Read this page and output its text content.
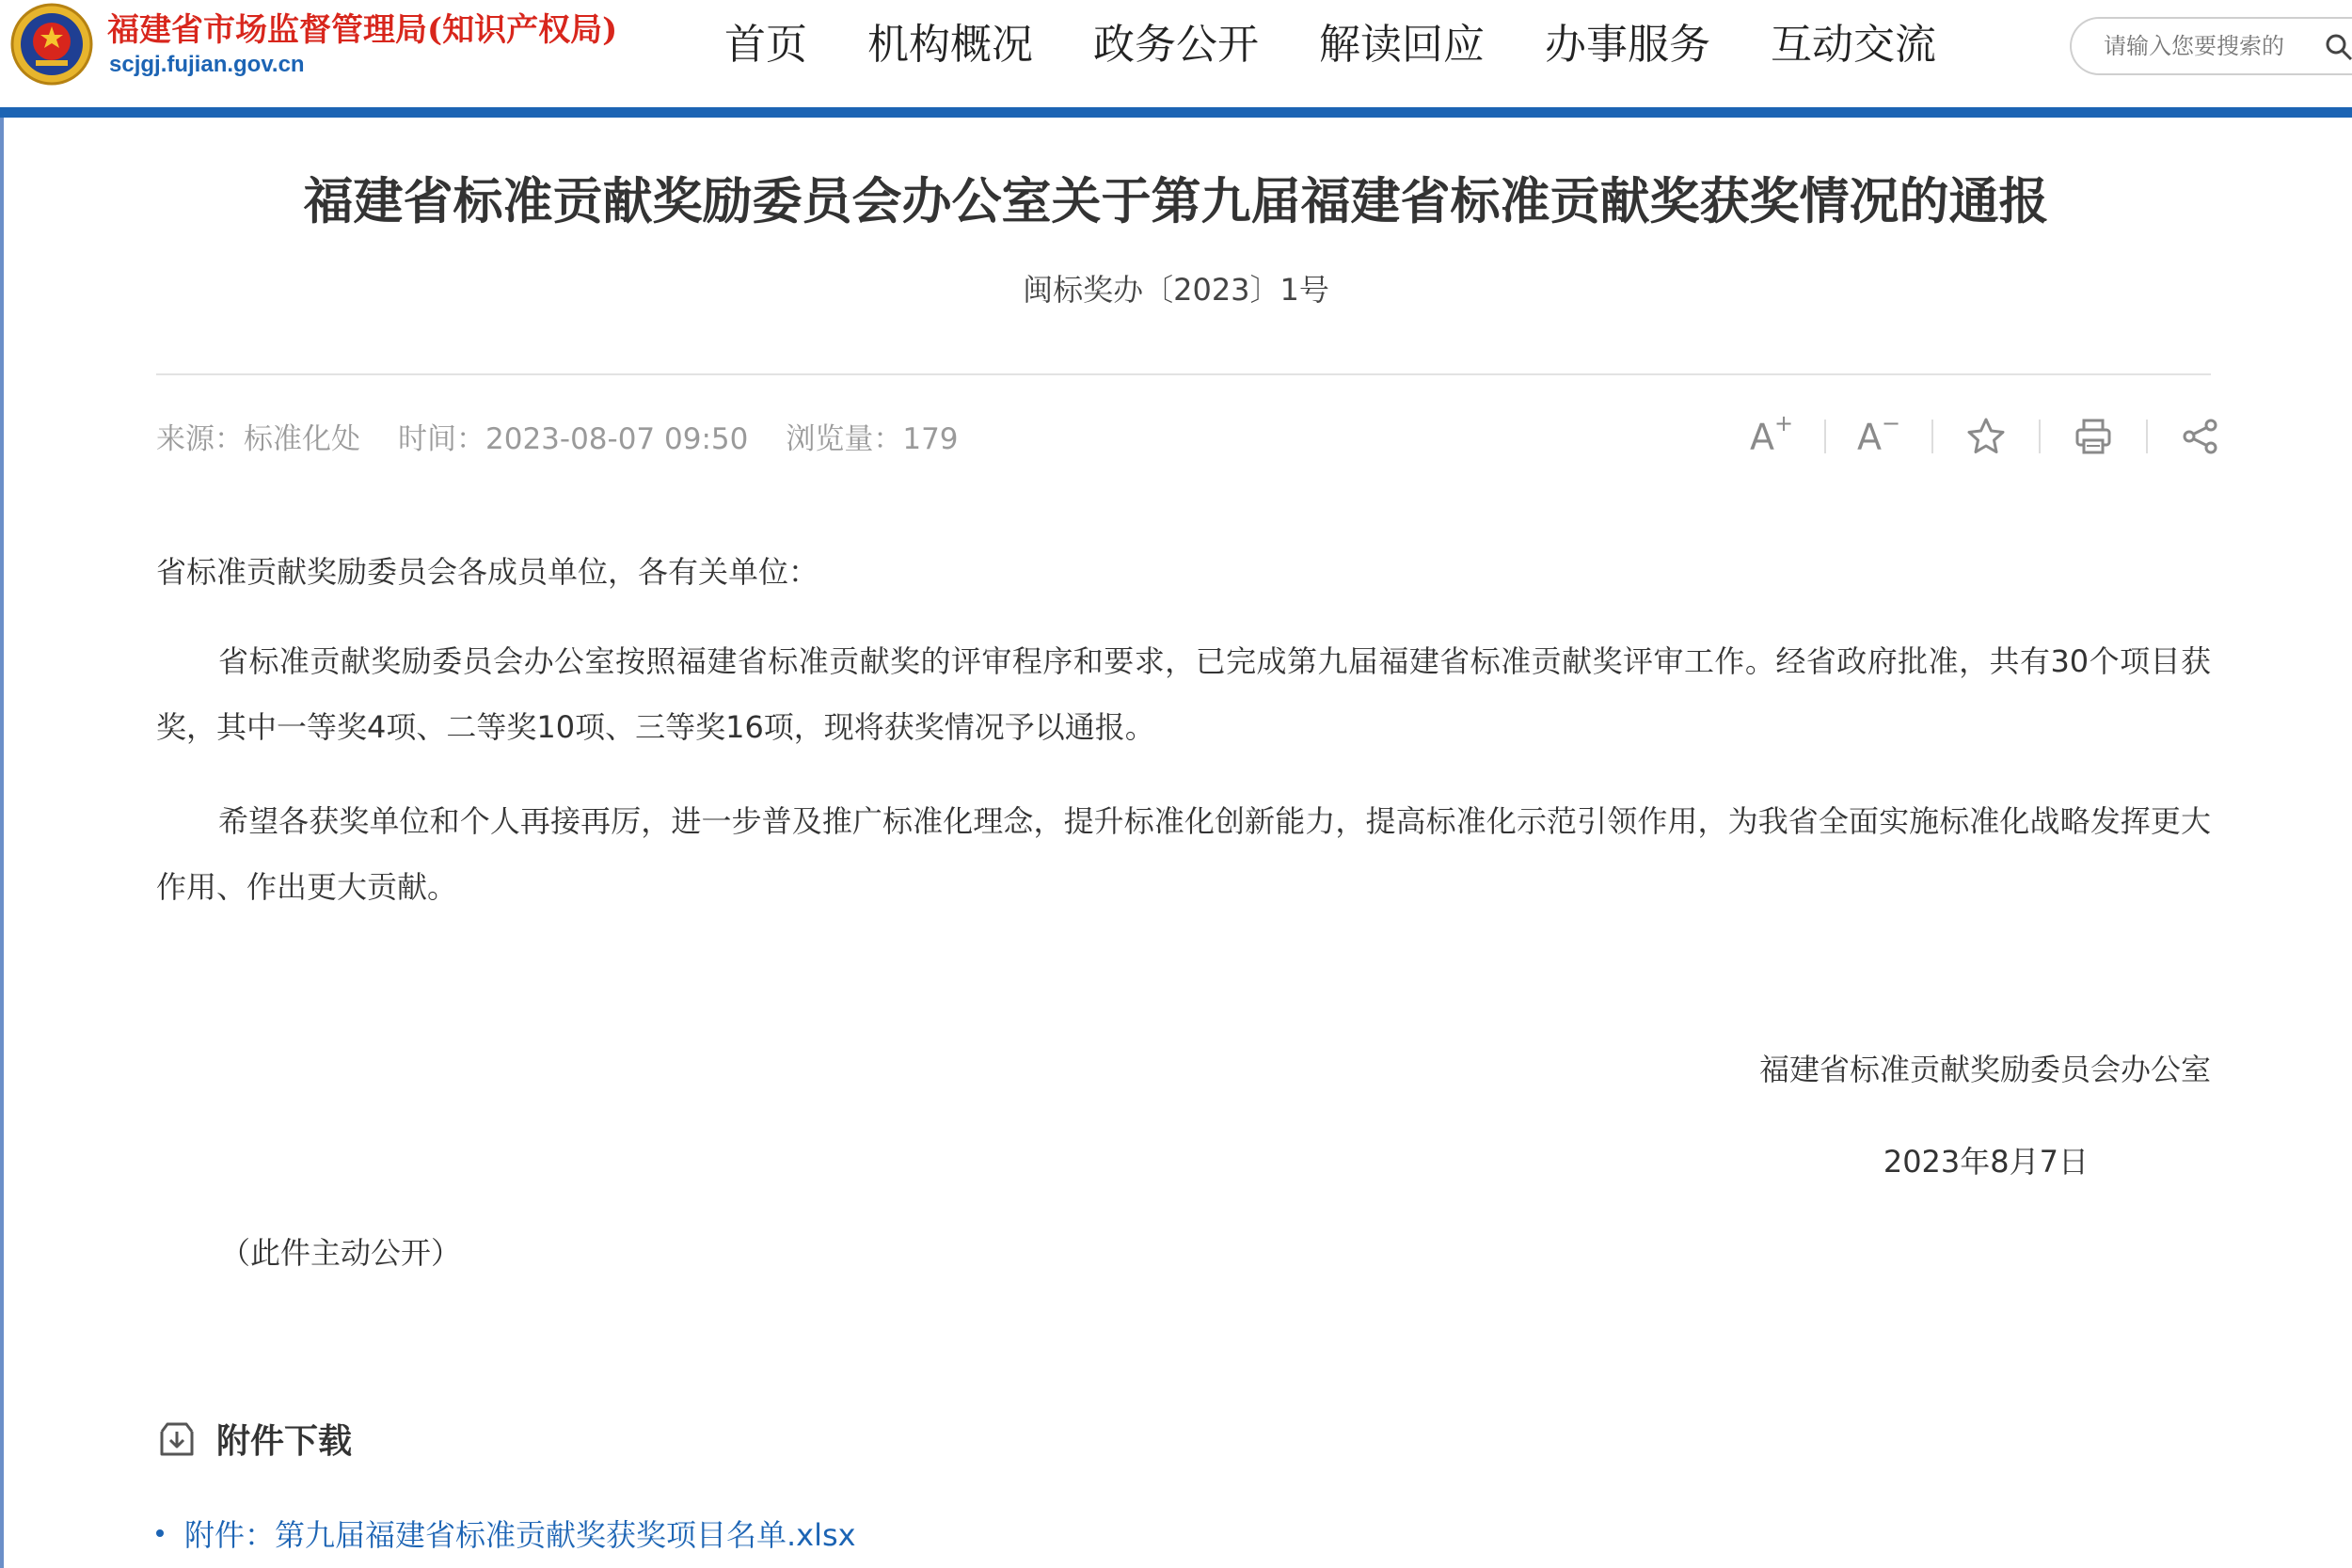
福建省市场监督管理局(知识产权局)
scjgj.fujian.gov.cn	首页 机构概况 政务公开 解读回应 办事服务 互动交流
请输入您要搜索的
福建省标准贡献奖励委员会办公室关于第九届福建省标准贡献奖获奖情况的通报
闽标奖办〔2023〕1号
来源：标准化处 时间：2023-08-07 09:50 浏览量：179	A+ A−
省标准贡献奖励委员会各成员单位，各有关单位：
省标准贡献奖励委员会办公室按照福建省标准贡献奖的评审程序和要求，已完成第九届福建省标准贡献奖评审工作。经省政府批准，共有30个项目获奖，其中一等奖4项、二等奖10项、三等奖16项，现将获奖情况予以通报。
希望各获奖单位和个人再接再厉，进一步普及推广标准化理念，提升标准化创新能力，提高标准化示范引领作用，为我省全面实施标准化战略发挥更大作用、作出更大贡献。
福建省标准贡献奖励委员会办公室
2023年8月7日
（此件主动公开）
附件下载
附件：第九届福建省标准贡献奖获奖项目名单.xlsx
